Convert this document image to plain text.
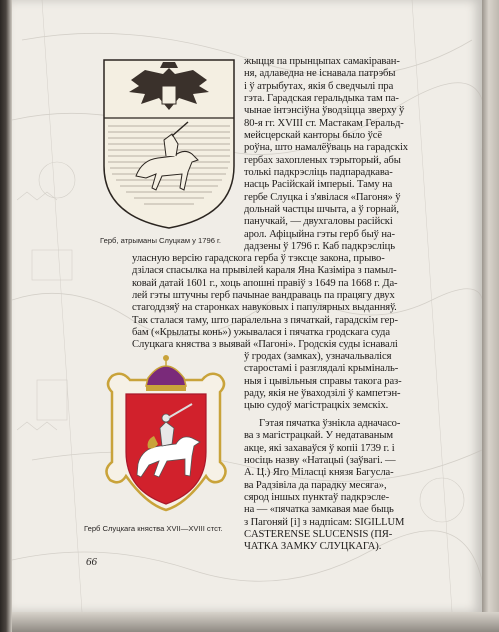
жыцця па прынцыпах самакіраван-
ня, адлаведна не існавала патрэбы
і ў атрыбутах, якія б сведчылі пра
гэта. Гарадская геральдыка там па-
чынае інтэнсіўна ўводзіцца зверху ў
80-я гг. XVIII ст. Мастакам Геральд-
мейсцерскай канторы было ўсё
роўна, што намалёўваць на гарадскіх
гербах захопленых тэрыторый, абы
толькі падкрэсліць падпарадкава-
насць Расійскай імперыі. Таму на
гербе Слуцка і з'явілася «Пагоня» ў
дольнай частцы шчыта, а ў горнай,
панучкай, — двухгаловы расійскі
арол. Афіцыйна гэты герб быў на-
дадзены ў 1796 г. Каб падкрэсліць
Герб, атрыманы Слуцкам у 1796 г.
уласную версію гарадскога герба ў тэксце закона, прыво-
дзілася спасылка на прывілей караля Яна Казіміра з памыл-
ковай датай 1601 г., хоць апошні правіў з 1649 па 1668 г. Да-
лей гэты штучны герб пачынае вандраваць па працягу двух
стагоддзяў на старонках навуковых і папулярных выданняў.
Так сталася таму, што паралельна з пячаткай, гарадскім гер-
бам («Крылаты конь») ужывалася і пячатка гродскага суда
Слуцкага княства з выявай «Пагоні». Гродскія суды існавалі
ў гродах (замках), узначальваліся
старостамі і разглядалі крыміналь-
ныя і цывільныя справы такога раз-
раду, якія не ўваходзілі ў кампетэн-
цыю судоў магістрацкіх земскіх.
Гэтая пячатка ўзнікла адначасо-
ва з магістрацкай. У недатаваным
акце, які захаваўся ў копіі 1739 г. і
носіць назву «Натацыі (заўвагі. —
А. Ц.) Яго Міласці князя Багусла-
ва Радзівіла да парадку месяга»,
сярод іншых пунктаў падкрэсле-
на — «пячатка замкавая мае быць
з Пагоняй [і] з надпісам: SIGILLUM
CASTERENSE SLUCENSIS (ПЯ-
ЧАТКА ЗАМКУ СЛУЦКАГА).
Герб Слуцкага княства XVII—XVIII стст.
66
